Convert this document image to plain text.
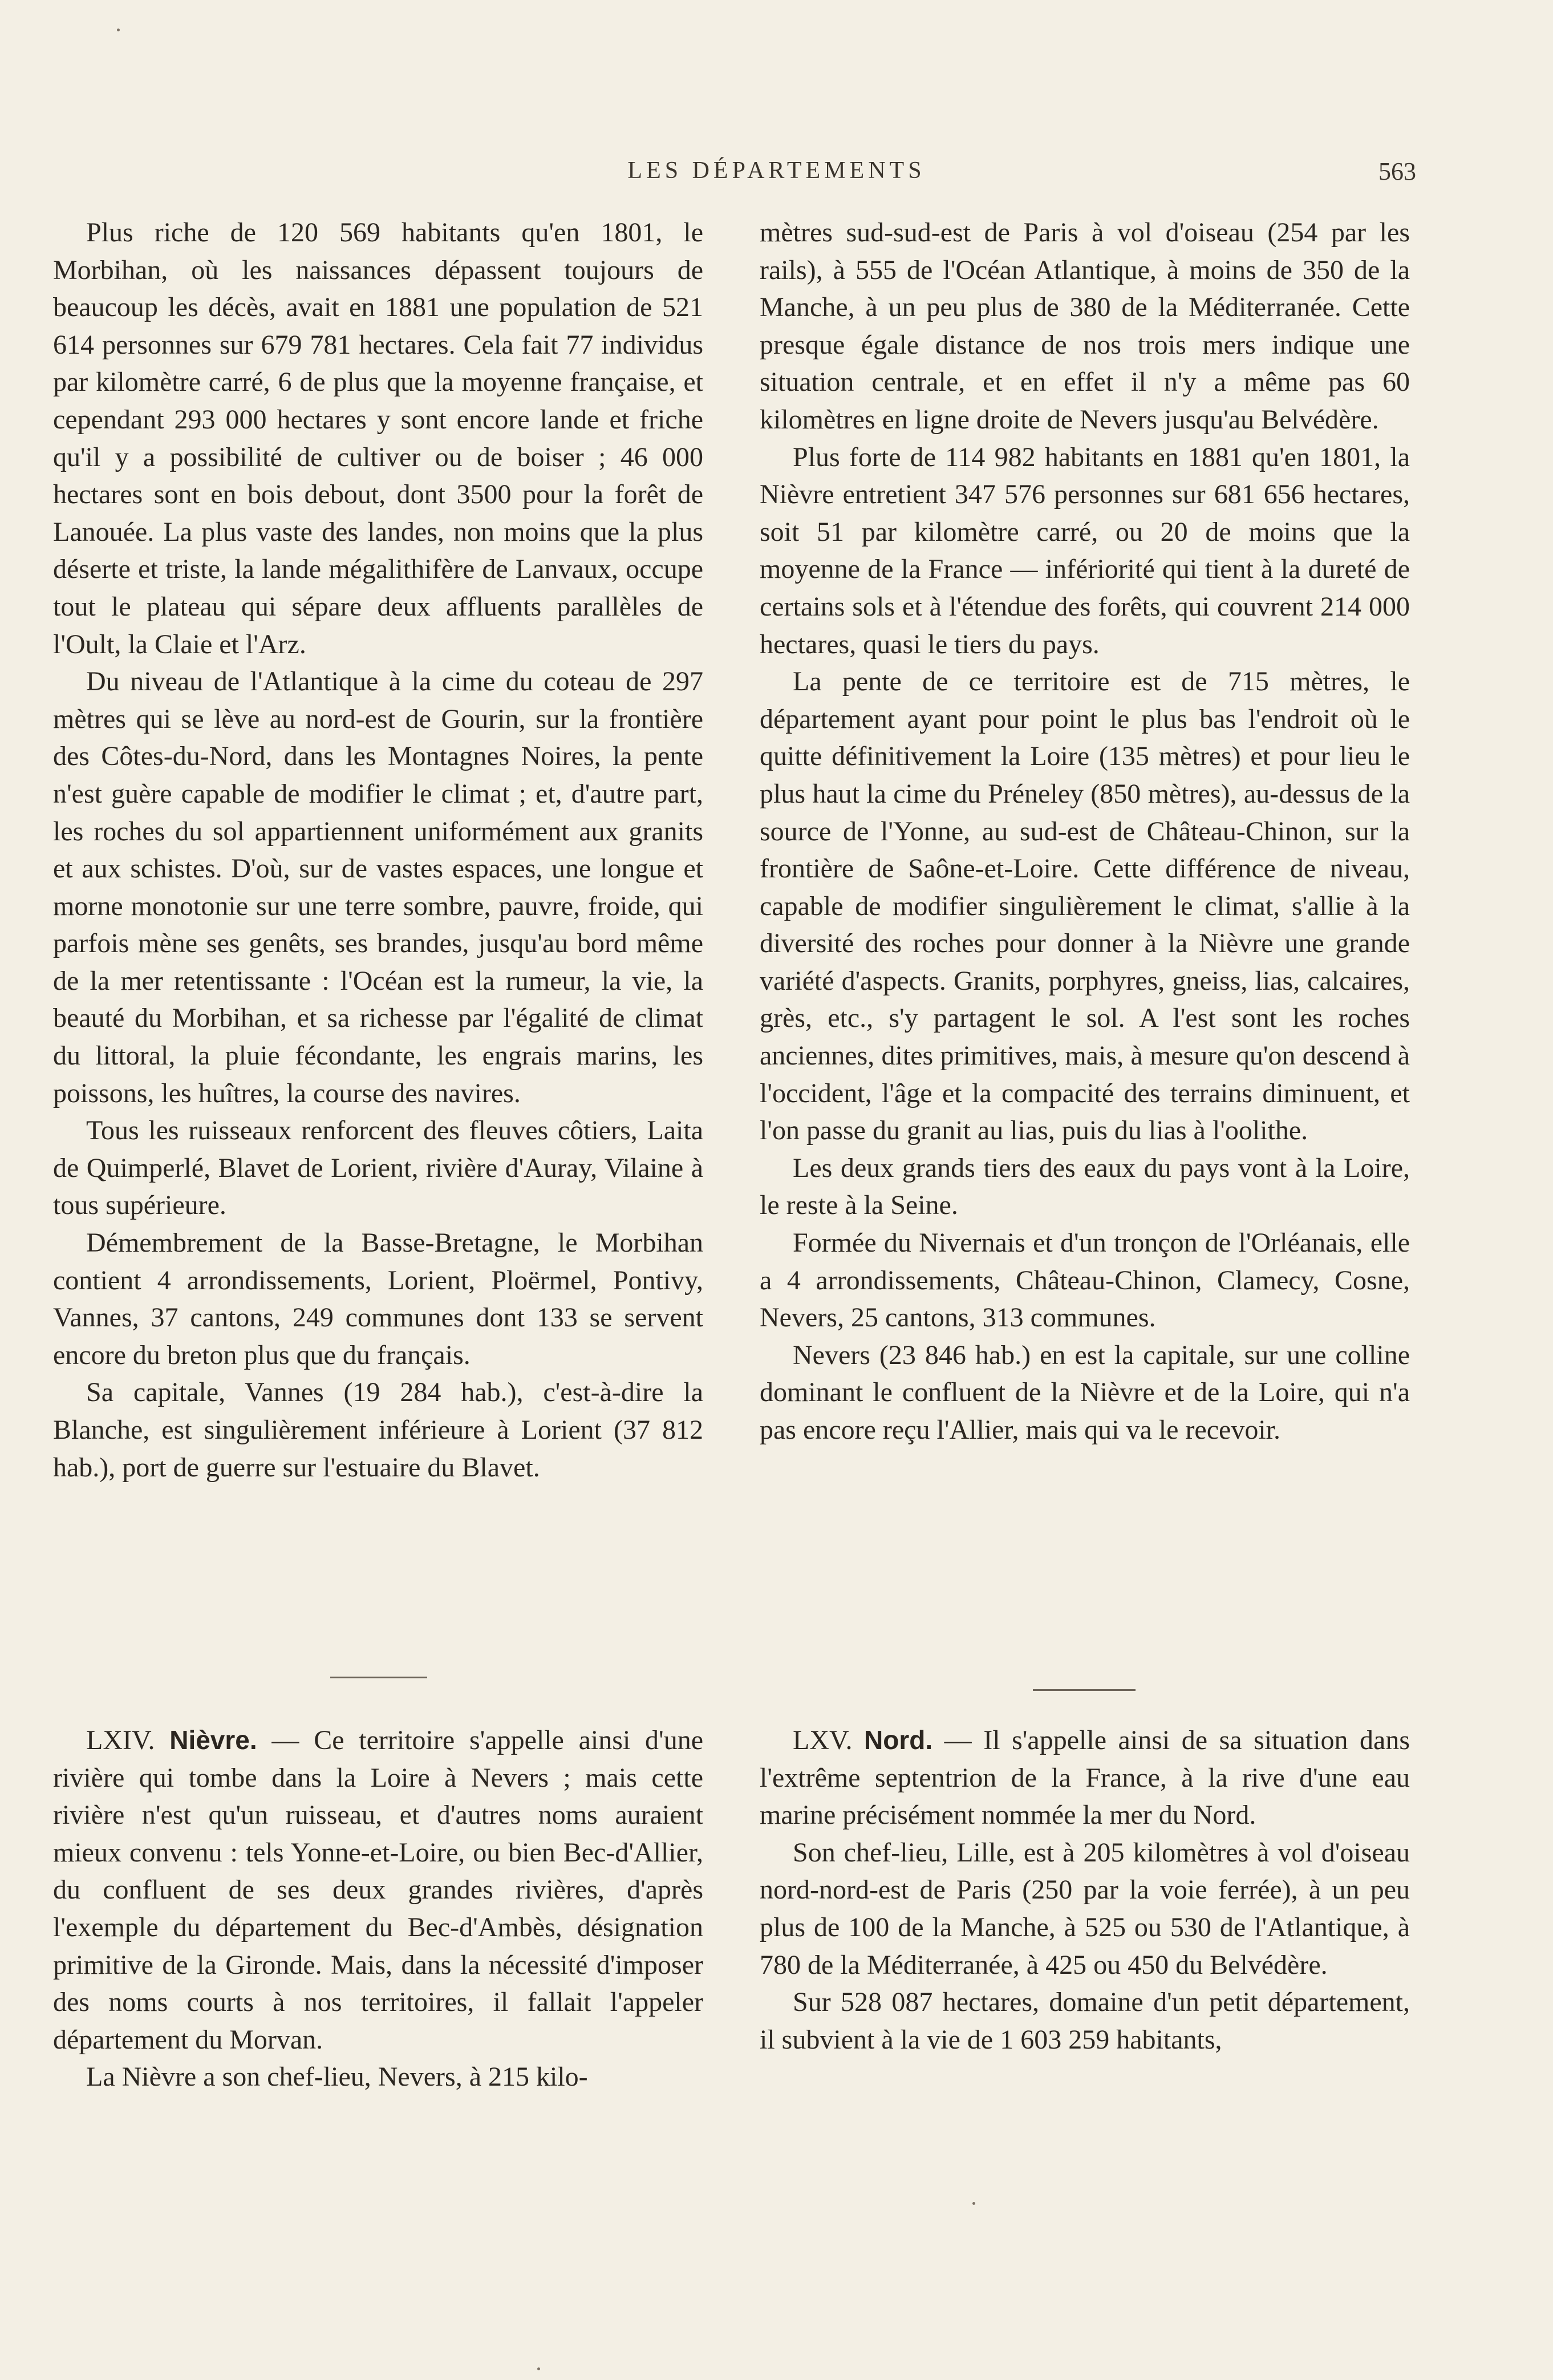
LES DÉPARTEMENTS	563

Plus riche de 120 569 habitants qu'en 1801, le Morbihan, où les naissances dépassent toujours de beaucoup les décès, avait en 1881 une population de 521 614 personnes sur 679 781 hectares. Cela fait 77 individus par kilomètre carré, 6 de plus que la moyenne française, et cependant 293 000 hectares y sont encore lande et friche qu'il y a possibilité de cultiver ou de boiser ; 46 000 hectares sont en bois debout, dont 3500 pour la forêt de Lanouée. La plus vaste des landes, non moins que la plus déserte et triste, la lande mégalithifère de Lanvaux, occupe tout le plateau qui sépare deux affluents parallèles de l'Oult, la Claie et l'Arz.

Du niveau de l'Atlantique à la cime du coteau de 297 mètres qui se lève au nord-est de Gourin, sur la frontière des Côtes-du-Nord, dans les Montagnes Noires, la pente n'est guère capable de modifier le climat ; et, d'autre part, les roches du sol appartiennent uniformément aux granits et aux schistes. D'où, sur de vastes espaces, une longue et morne monotonie sur une terre sombre, pauvre, froide, qui parfois mène ses genêts, ses brandes, jusqu'au bord même de la mer retentissante : l'Océan est la rumeur, la vie, la beauté du Morbihan, et sa richesse par l'égalité de climat du littoral, la pluie fécondante, les engrais marins, les poissons, les huîtres, la course des navires.

Tous les ruisseaux renforcent des fleuves côtiers, Laita de Quimperlé, Blavet de Lorient, rivière d'Auray, Vilaine à tous supérieure.

Démembrement de la Basse-Bretagne, le Morbihan contient 4 arrondissements, Lorient, Ploërmel, Pontivy, Vannes, 37 cantons, 249 communes dont 133 se servent encore du breton plus que du français.

Sa capitale, Vannes (19 284 hab.), c'est-à-dire la Blanche, est singulièrement inférieure à Lorient (37 812 hab.), port de guerre sur l'estuaire du Blavet.

mètres sud-sud-est de Paris à vol d'oiseau (254 par les rails), à 555 de l'Océan Atlantique, à moins de 350 de la Manche, à un peu plus de 380 de la Méditerranée. Cette presque égale distance de nos trois mers indique une situation centrale, et en effet il n'y a même pas 60 kilomètres en ligne droite de Nevers jusqu'au Belvédère.

Plus forte de 114 982 habitants en 1881 qu'en 1801, la Nièvre entretient 347 576 personnes sur 681 656 hectares, soit 51 par kilomètre carré, ou 20 de moins que la moyenne de la France — infériorité qui tient à la dureté de certains sols et à l'étendue des forêts, qui couvrent 214 000 hectares, quasi le tiers du pays.

La pente de ce territoire est de 715 mètres, le département ayant pour point le plus bas l'endroit où le quitte définitivement la Loire (135 mètres) et pour lieu le plus haut la cime du Préneley (850 mètres), au-dessus de la source de l'Yonne, au sud-est de Château-Chinon, sur la frontière de Saône-et-Loire. Cette différence de niveau, capable de modifier singulièrement le climat, s'allie à la diversité des roches pour donner à la Nièvre une grande variété d'aspects. Granits, porphyres, gneiss, lias, calcaires, grès, etc., s'y partagent le sol. A l'est sont les roches anciennes, dites primitives, mais, à mesure qu'on descend à l'occident, l'âge et la compacité des terrains diminuent, et l'on passe du granit au lias, puis du lias à l'oolithe.

Les deux grands tiers des eaux du pays vont à la Loire, le reste à la Seine.

Formée du Nivernais et d'un tronçon de l'Orléanais, elle a 4 arrondissements, Château-Chinon, Clamecy, Cosne, Nevers, 25 cantons, 313 communes.

Nevers (23 846 hab.) en est la capitale, sur une colline dominant le confluent de la Nièvre et de la Loire, qui n'a pas encore reçu l'Allier, mais qui va le recevoir.

LXIV. Nièvre. — Ce territoire s'appelle ainsi d'une rivière qui tombe dans la Loire à Nevers ; mais cette rivière n'est qu'un ruisseau, et d'autres noms auraient mieux convenu : tels Yonne-et-Loire, ou bien Bec-d'Allier, du confluent de ses deux grandes rivières, d'après l'exemple du département du Bec-d'Ambès, désignation primitive de la Gironde. Mais, dans la nécessité d'imposer des noms courts à nos territoires, il fallait l'appeler département du Morvan.

La Nièvre a son chef-lieu, Nevers, à 215 kilo-

LXV. Nord. — Il s'appelle ainsi de sa situation dans l'extrême septentrion de la France, à la rive d'une eau marine précisément nommée la mer du Nord.

Son chef-lieu, Lille, est à 205 kilomètres à vol d'oiseau nord-nord-est de Paris (250 par la voie ferrée), à un peu plus de 100 de la Manche, à 525 ou 530 de l'Atlantique, à 780 de la Méditerranée, à 425 ou 450 du Belvédère.

Sur 528 087 hectares, domaine d'un petit département, il subvient à la vie de 1 603 259 habitants,
